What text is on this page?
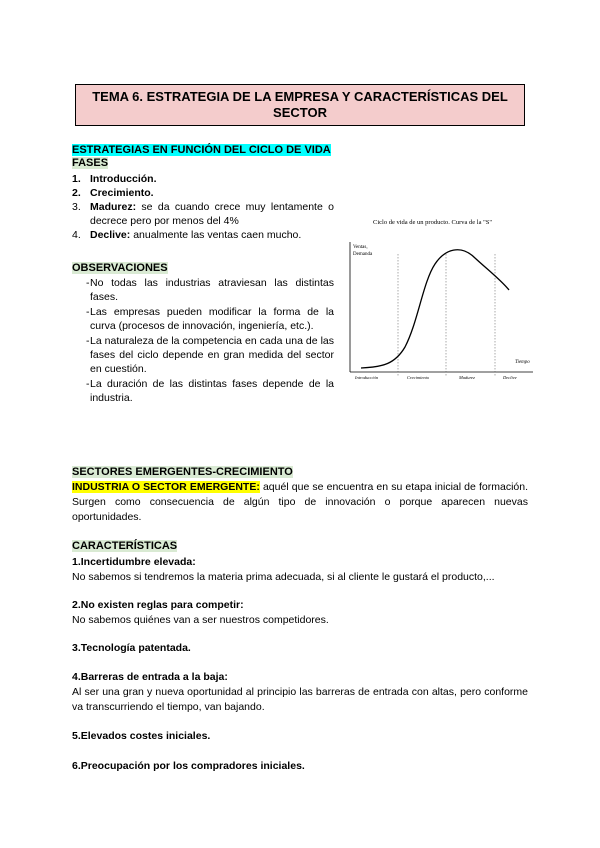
TEMA 6. ESTRATEGIA DE LA EMPRESA Y CARACTERÍSTICAS DEL SECTOR
ESTRATEGIAS EN FUNCIÓN DEL CICLO DE VIDA
FASES
1. Introducción.
2. Crecimiento.
3. Madurez: se da cuando crece muy lentamente o decrece pero por menos del 4%
4. Declive: anualmente las ventas caen mucho.
OBSERVACIONES
- No todas las industrias atraviesan las distintas fases.
- Las empresas pueden modificar la forma de la curva (procesos de innovación, ingeniería, etc.).
- La naturaleza de la competencia en cada una de las fases del ciclo depende en gran medida del sector en cuestión.
- La duración de las distintas fases depende de la industria.
Ciclo de vida de un producto. Curva de la "S"
Ventas,
Demanda
Tiempo
Introducción	Crecimiento	Madurez	Declive
SECTORES EMERGENTES-CRECIMIENTO
INDUSTRIA O SECTOR EMERGENTE: aquél que se encuentra en su etapa inicial de formación. Surgen como consecuencia de algún tipo de innovación o porque aparecen nuevas oportunidades.
CARACTERÍSTICAS
1.Incertidumbre elevada:
No sabemos si tendremos la materia prima adecuada, si al cliente le gustará el producto,...
2.No existen reglas para competir:
No sabemos quiénes van a ser nuestros competidores.
3.Tecnología patentada.
4.Barreras de entrada a la baja:
Al ser una gran y nueva oportunidad al principio las barreras de entrada con altas, pero conforme va transcurriendo el tiempo, van bajando.
5.Elevados costes iniciales.
6.Preocupación por los compradores iniciales.
